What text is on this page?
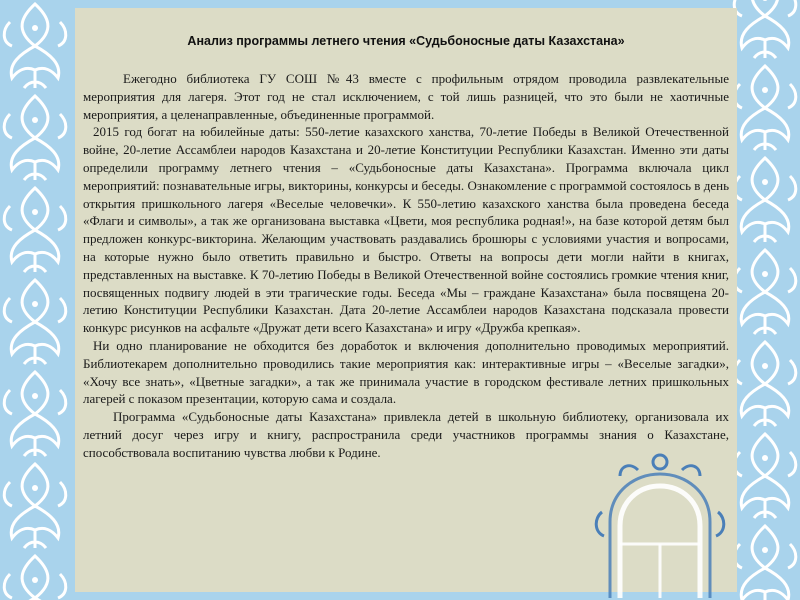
Анализ программы летнего чтения «Судьбоносные даты Казахстана»

Ежегодно библиотека ГУ СОШ №43 вместе с профильным отрядом проводила развлекательные мероприятия для лагеря. Этот год не стал исключением, с той лишь разницей, что это были не хаотичные мероприятия, а целенаправленные, объединенные программой.

2015 год богат на юбилейные даты: 550-летие казахского ханства, 70-летие Победы в Великой Отечественной войне, 20-летие Ассамблеи народов Казахстана и 20-летие Конституции Республики Казахстан. Именно эти даты определили программу летнего чтения – «Судьбоносные даты Казахстана». Программа включала цикл мероприятий: познавательные игры, викторины, конкурсы и беседы. Ознакомление с программой состоялось в день открытия пришкольного лагеря «Веселые человечки». К 550-летию казахского ханства была проведена беседа «Флаги и символы», а так же организована выставка «Цвети, моя республика родная!», на базе которой детям был предложен конкурс-викторина. Желающим участвовать раздавались брошюры с условиями участия и вопросами, на которые нужно было ответить правильно и быстро. Ответы на вопросы дети могли найти в книгах, представленных на выставке. К 70-летию Победы в Великой Отечественной войне состоялись громкие чтения книг, посвященных подвигу людей в эти трагические годы. Беседа «Мы – граждане Казахстана» была посвящена 20-летию Конституции Республики Казахстан. Дата 20-летие Ассамблеи народов Казахстана подсказала провести конкурс рисунков на асфальте «Дружат дети всего Казахстана» и игру «Дружба крепкая».

Ни одно планирование не обходится без доработок и включения дополнительно проводимых мероприятий. Библиотекарем дополнительно проводились такие мероприятия как: интерактивные игры – «Веселые загадки», «Хочу все знать», «Цветные загадки», а так же принимала участие в городском фестивале летних пришкольных лагерей с показом презентации, которую сама и создала.

Программа «Судьбоносные даты Казахстана» привлекла детей в школьную библиотеку, организовала их летний досуг через игру и книгу, распространила среди участников программы знания о Казахстане, способствовала воспитанию чувства любви к Родине.
